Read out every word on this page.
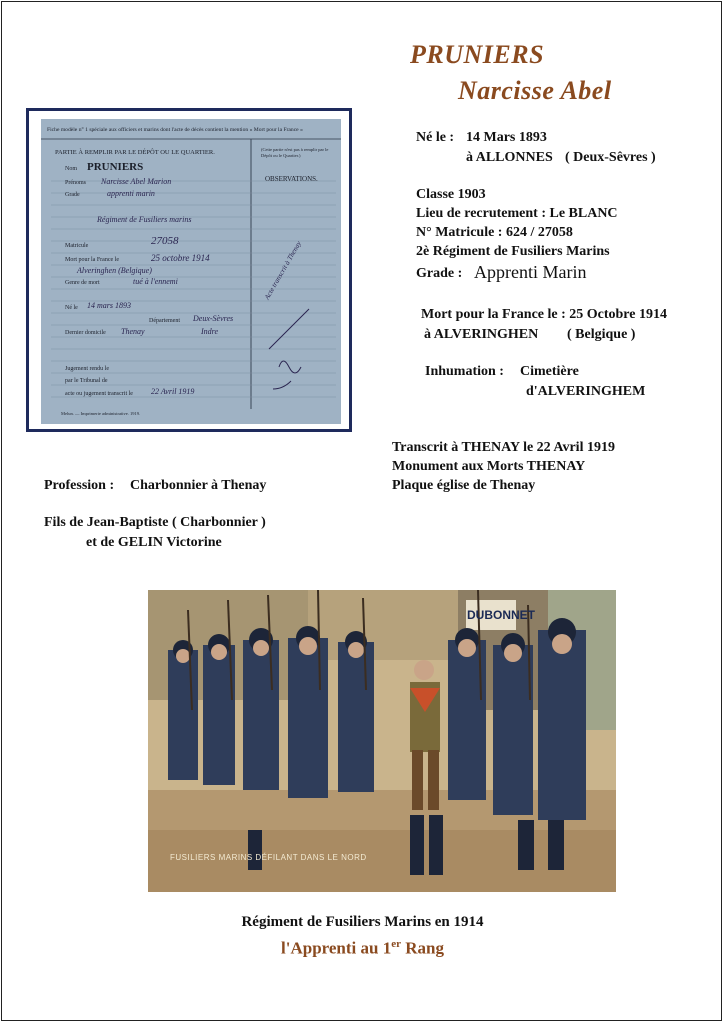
PRUNIERS
Narcisse Abel
Né le : 14 Mars 1893
à ALLONNES ( Deux-Sêvres )
Classe 1903
Lieu de recrutement : Le BLANC
N° Matricule : 624 / 27058
2è Régiment de Fusiliers Marins
Grade : Apprenti Marin
Mort pour la France le : 25 Octobre 1914
à ALVERINGHEN ( Belgique )
Inhumation : Cimetière
d'ALVERINGHEM
Transcrit à THENAY le 22 Avril 1919
Monument aux Morts THENAY
Plaque église de Thenay
Profession : Charbonnier à Thenay
Fils de Jean-Baptiste ( Charbonnier )
et de GELIN Victorine
Fiche modèle n° 1 spéciale aux officiers et marins dont l'acte de décès contient la mention « Mort pour la France »
PARTIE À REMPLIR PAR LE DÉPÔT OU LE QUARTIER.	(Cette partie n'est pas à remplir par le Dépôt ou le Quartier.)
OBSERVATIONS.
Nom PRUNIERS
Prénoms Narcisse Abel Marion
Grade	apprenti marin
Régiment de Fusiliers marins
Matricule	27058
Mort pour la France le	25 octobre 1914
Alveringhen (Belgique)
Genre de mort	tué à l'ennemi
Né le 14 mars 1893
Département Deux-Sèvres
Dernier domicile Thenay	Indre
Jugement rendu le
par le Tribunal de
acte ou jugement transcrit le 22 Avril 1919
Acte transcrit à Thenay
Melun. — Imprimerie administrative. 1919.
FUSILIERS MARINS DÉFILANT DANS LE NORD
DUBONNET
Régiment de Fusiliers Marins en 1914
l'Apprenti au 1er Rang
